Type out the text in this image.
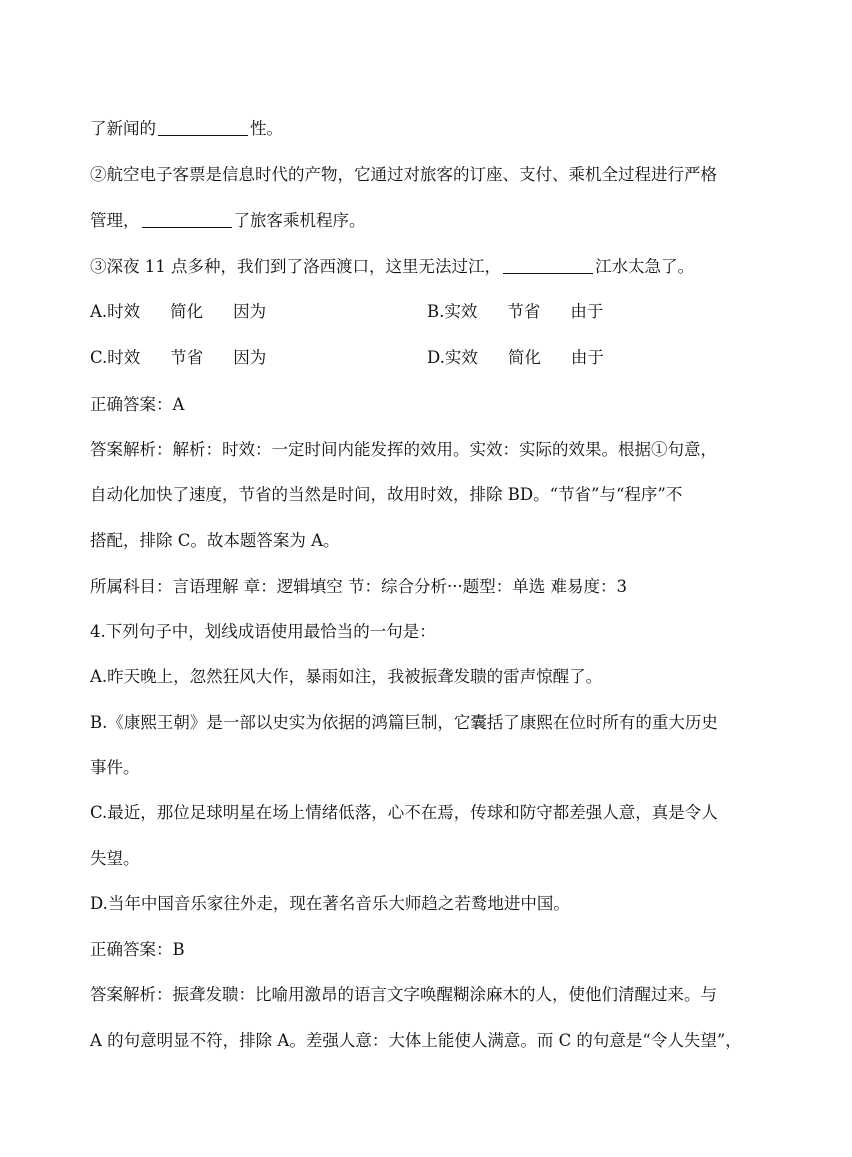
了新闻的	性。
②航空电子客票是信息时代的产物，它通过对旅客的订座、支付、乘机全过程进行严格
管理，	了旅客乘机程序。
③深夜 11 点多种，我们到了洛西渡口，这里无法过江，	江水太急了。
A.时效 简化 因为	B.实效 节省 由于
C.时效 节省 因为	D.实效 简化 由于
正确答案：A
答案解析：解析：时效：一定时间内能发挥的效用。实效：实际的效果。根据①句意，
自动化加快了速度，节省的当然是时间，故用时效，排除 BD。“节省”与“程序”不
搭配，排除 C。故本题答案为 A。
所属科目：言语理解 章：逻辑填空 节：综合分析···题型：单选 难易度：3
4.下列句子中，划线成语使用最恰当的一句是：
A.昨天晚上，忽然狂风大作，暴雨如注，我被振聋发聩的雷声惊醒了。
B.《康熙王朝》是一部以史实为依据的鸿篇巨制，它囊括了康熙在位时所有的重大历史
事件。
C.最近，那位足球明星在场上情绪低落，心不在焉，传球和防守都差强人意，真是令人
失望。
D.当年中国音乐家往外走，现在著名音乐大师趋之若鹜地进中国。
正确答案：B
答案解析：振聋发聩：比喻用激昂的语言文字唤醒糊涂麻木的人，使他们清醒过来。与
A 的句意明显不符，排除 A。差强人意：大体上能使人满意。而 C 的句意是“令人失望”，
